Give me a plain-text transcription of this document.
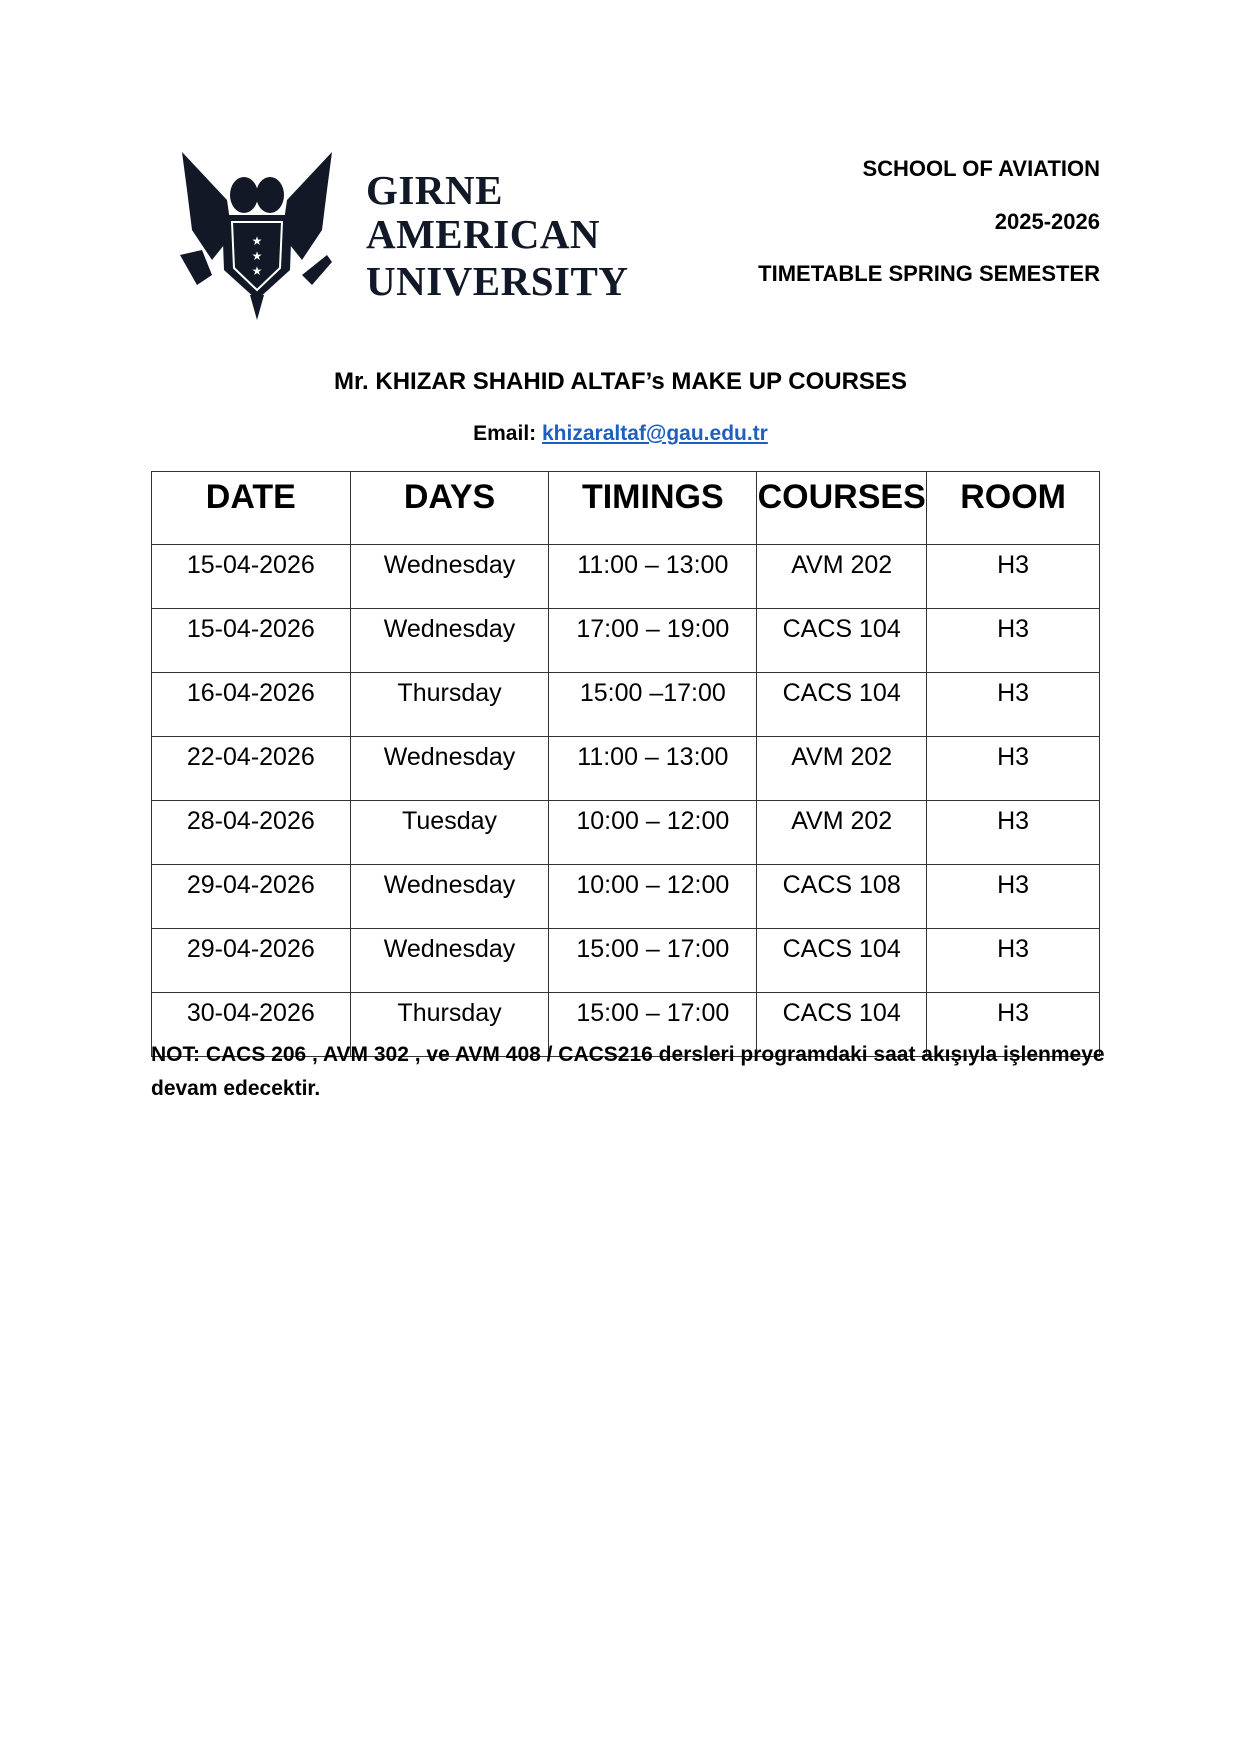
★
★
★
GIRNE
AMERICAN
UNIVERSITY
SCHOOL OF AVIATION
2025-2026
TIMETABLE SPRING SEMESTER
Mr. KHIZAR SHAHID ALTAF’s MAKE UP COURSES
Email: khizaraltaf@gau.edu.tr
DATE	DAYS	TIMINGS	COURSES	ROOM
15-04-2026	Wednesday	11:00 – 13:00	AVM 202	H3
15-04-2026	Wednesday	17:00 – 19:00	CACS 104	H3
16-04-2026	Thursday	15:00 –17:00	CACS 104	H3
22-04-2026	Wednesday	11:00 – 13:00	AVM 202	H3
28-04-2026	Tuesday	10:00 – 12:00	AVM 202	H3
29-04-2026	Wednesday	10:00 – 12:00	CACS 108	H3
29-04-2026	Wednesday	15:00 – 17:00	CACS 104	H3
30-04-2026	Thursday	15:00 – 17:00	CACS 104	H3
NOT: CACS 206 , AVM 302 , ve AVM 408 / CACS216 dersleri programdaki saat akışıyla işlenmeye devam edecektir.
